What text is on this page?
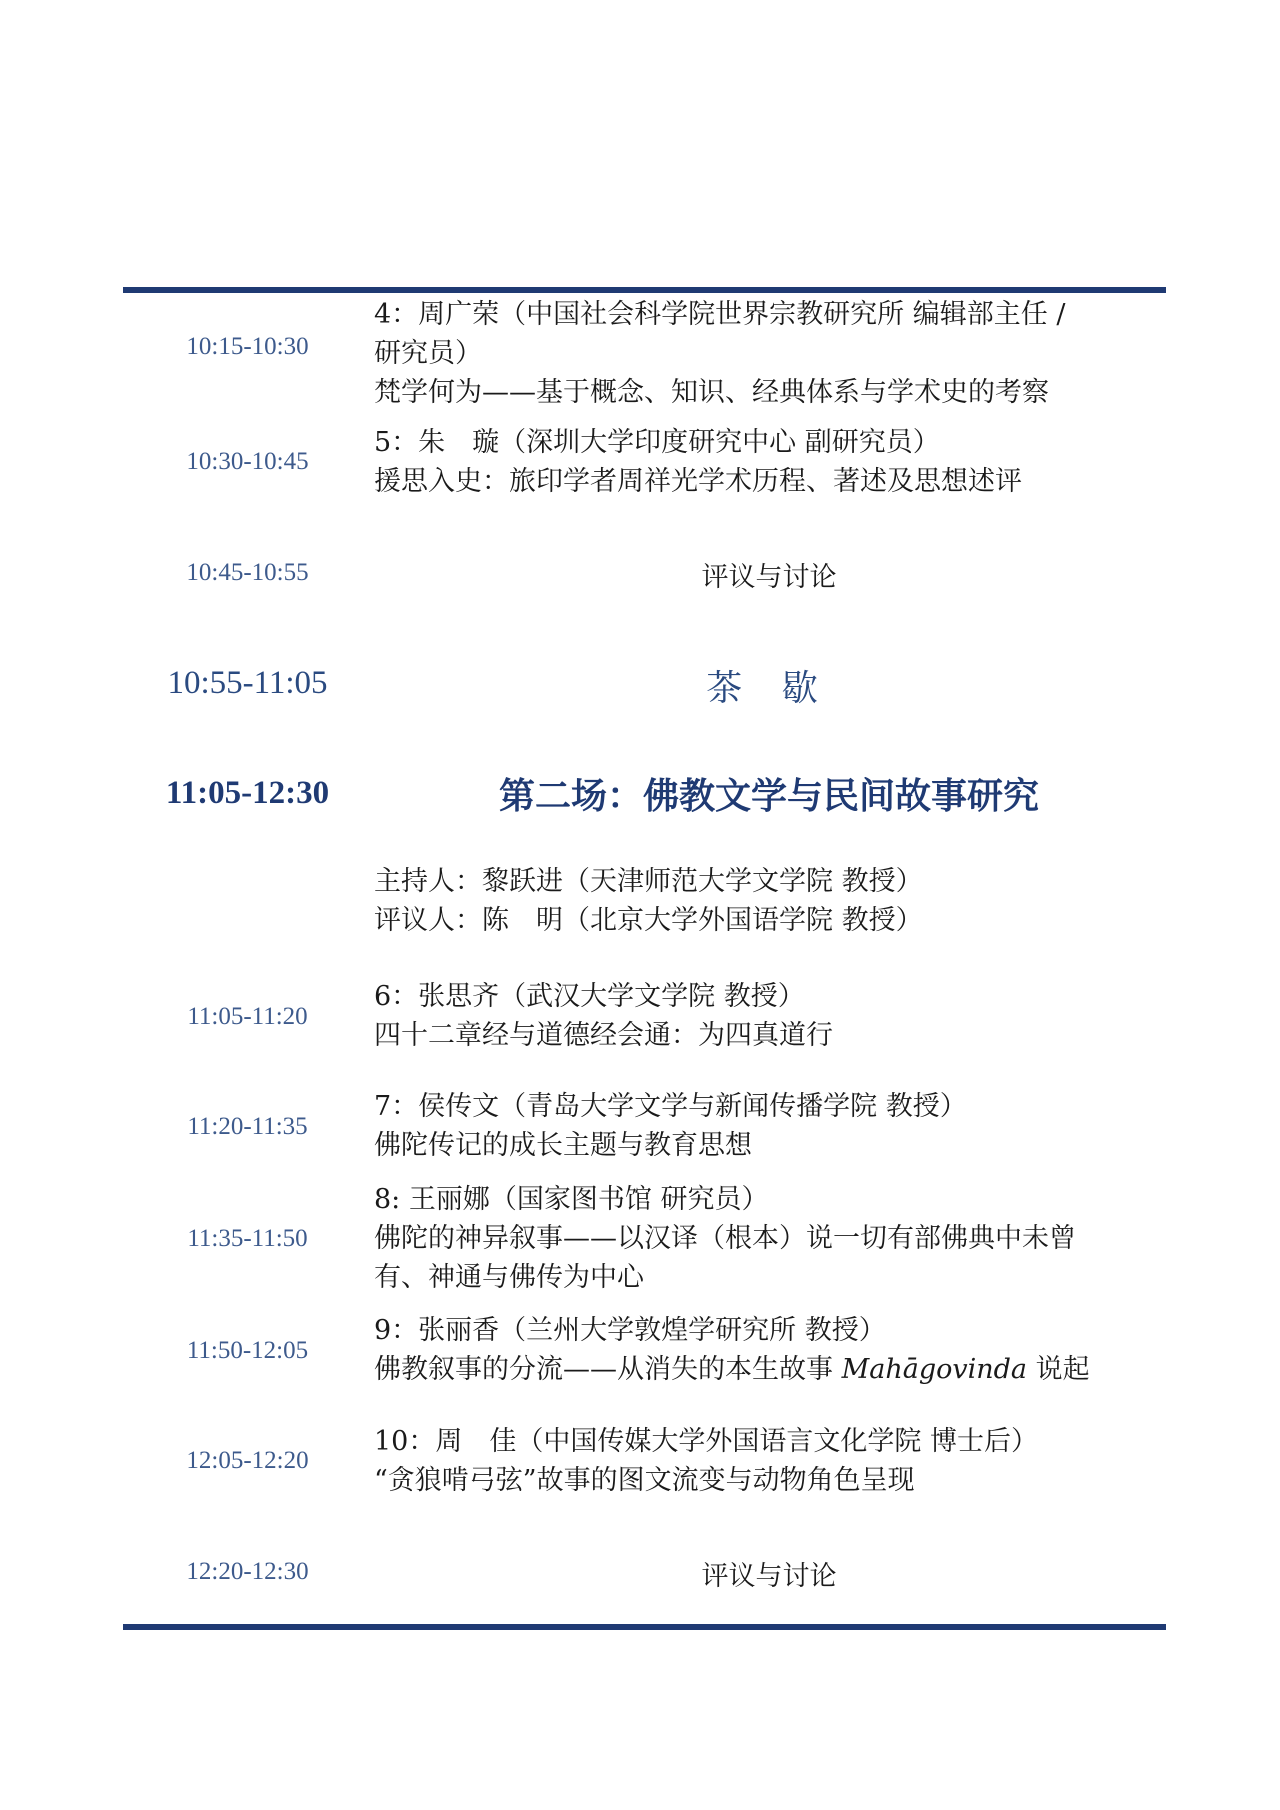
10:15-10:30
4：周广荣（中国社会科学院世界宗教研究所 编辑部主任 /
研究员）
梵学何为——基于概念、知识、经典体系与学术史的考察
10:30-10:45
5：朱　璇（深圳大学印度研究中心 副研究员）
援思入史：旅印学者周祥光学术历程、著述及思想述评
10:45-10:55	评议与讨论
10:55-11:05	茶 歇
11:05-12:30	第二场：佛教文学与民间故事研究
主持人：黎跃进（天津师范大学文学院 教授）
评议人：陈　明（北京大学外国语学院 教授）
11:05-11:20
6：张思齐（武汉大学文学院 教授）
四十二章经与道德经会通：为四真道行
11:20-11:35
7：侯传文（青岛大学文学与新闻传播学院 教授）
佛陀传记的成长主题与教育思想
11:35-11:50
8: 王丽娜（国家图书馆 研究员）
佛陀的神异叙事——以汉译（根本）说一切有部佛典中未曾
有、神通与佛传为中心
11:50-12:05
9：张丽香（兰州大学敦煌学研究所 教授）
佛教叙事的分流——从消失的本生故事 Mahāgovinda 说起
12:05-12:20
10：周　佳（中国传媒大学外国语言文化学院 博士后）
“贪狼啃弓弦”故事的图文流变与动物角色呈现
12:20-12:30	评议与讨论
